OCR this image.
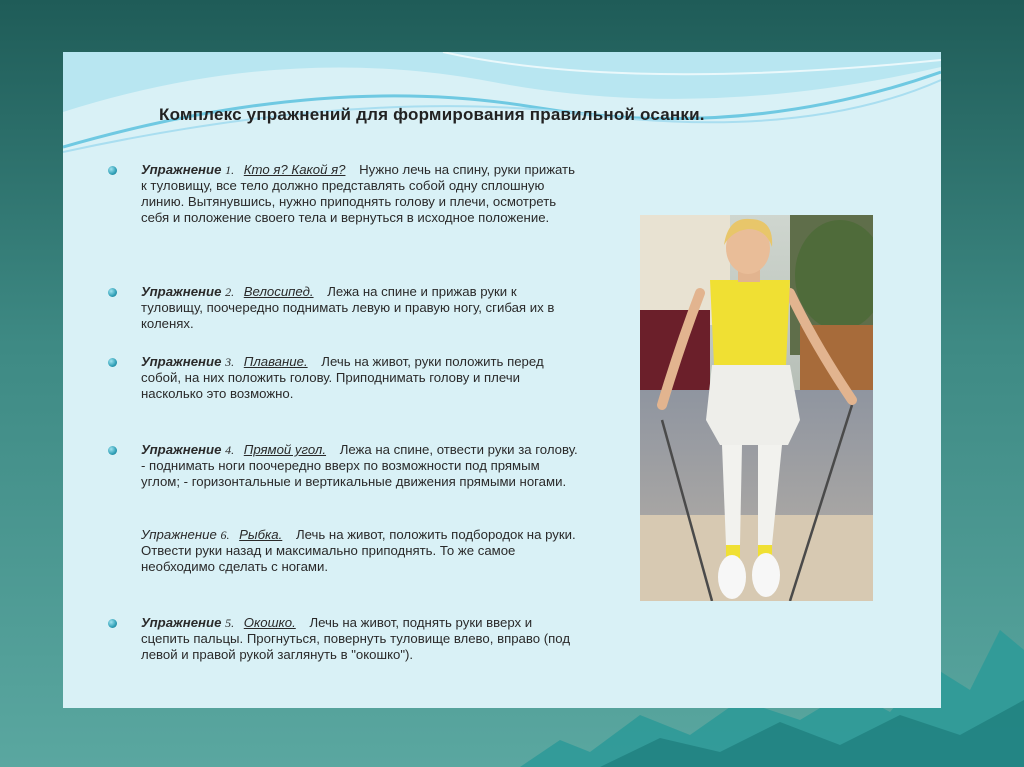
Комплекс упражнений для формирования правильной осанки.
Упражнение 1. Кто я? Какой я? Нужно лечь на спину, руки прижать к туловищу, все тело должно представлять собой одну сплошную линию. Вытянувшись, нужно приподнять голову и плечи, осмотреть себя и положение своего тела и вернуться в исходное положение.
Упражнение 2. Велосипед. Лежа на спине и прижав руки к туловищу, поочередно поднимать левую и правую ногу, сгибая их в коленях.
Упражнение 3. Плавание. Лечь на живот, руки положить перед собой, на них положить голову. Приподнимать голову и плечи насколько это возможно.
Упражнение 4. Прямой угол. Лежа на спине, отвести руки за голову. - поднимать ноги поочередно вверх по возможности под прямым углом; - горизонтальные и вертикальные движения прямыми ногами.
Упражнение 6. Рыбка. Лечь на живот, положить подбородок на руки. Отвести руки назад и максимально приподнять. То же самое необходимо сделать с ногами.
Упражнение 5. Окошко. Лечь на живот, поднять руки вверх и сцепить пальцы. Прогнуться, повернуть туловище влево, вправо (под левой и правой рукой заглянуть в "окошко").
